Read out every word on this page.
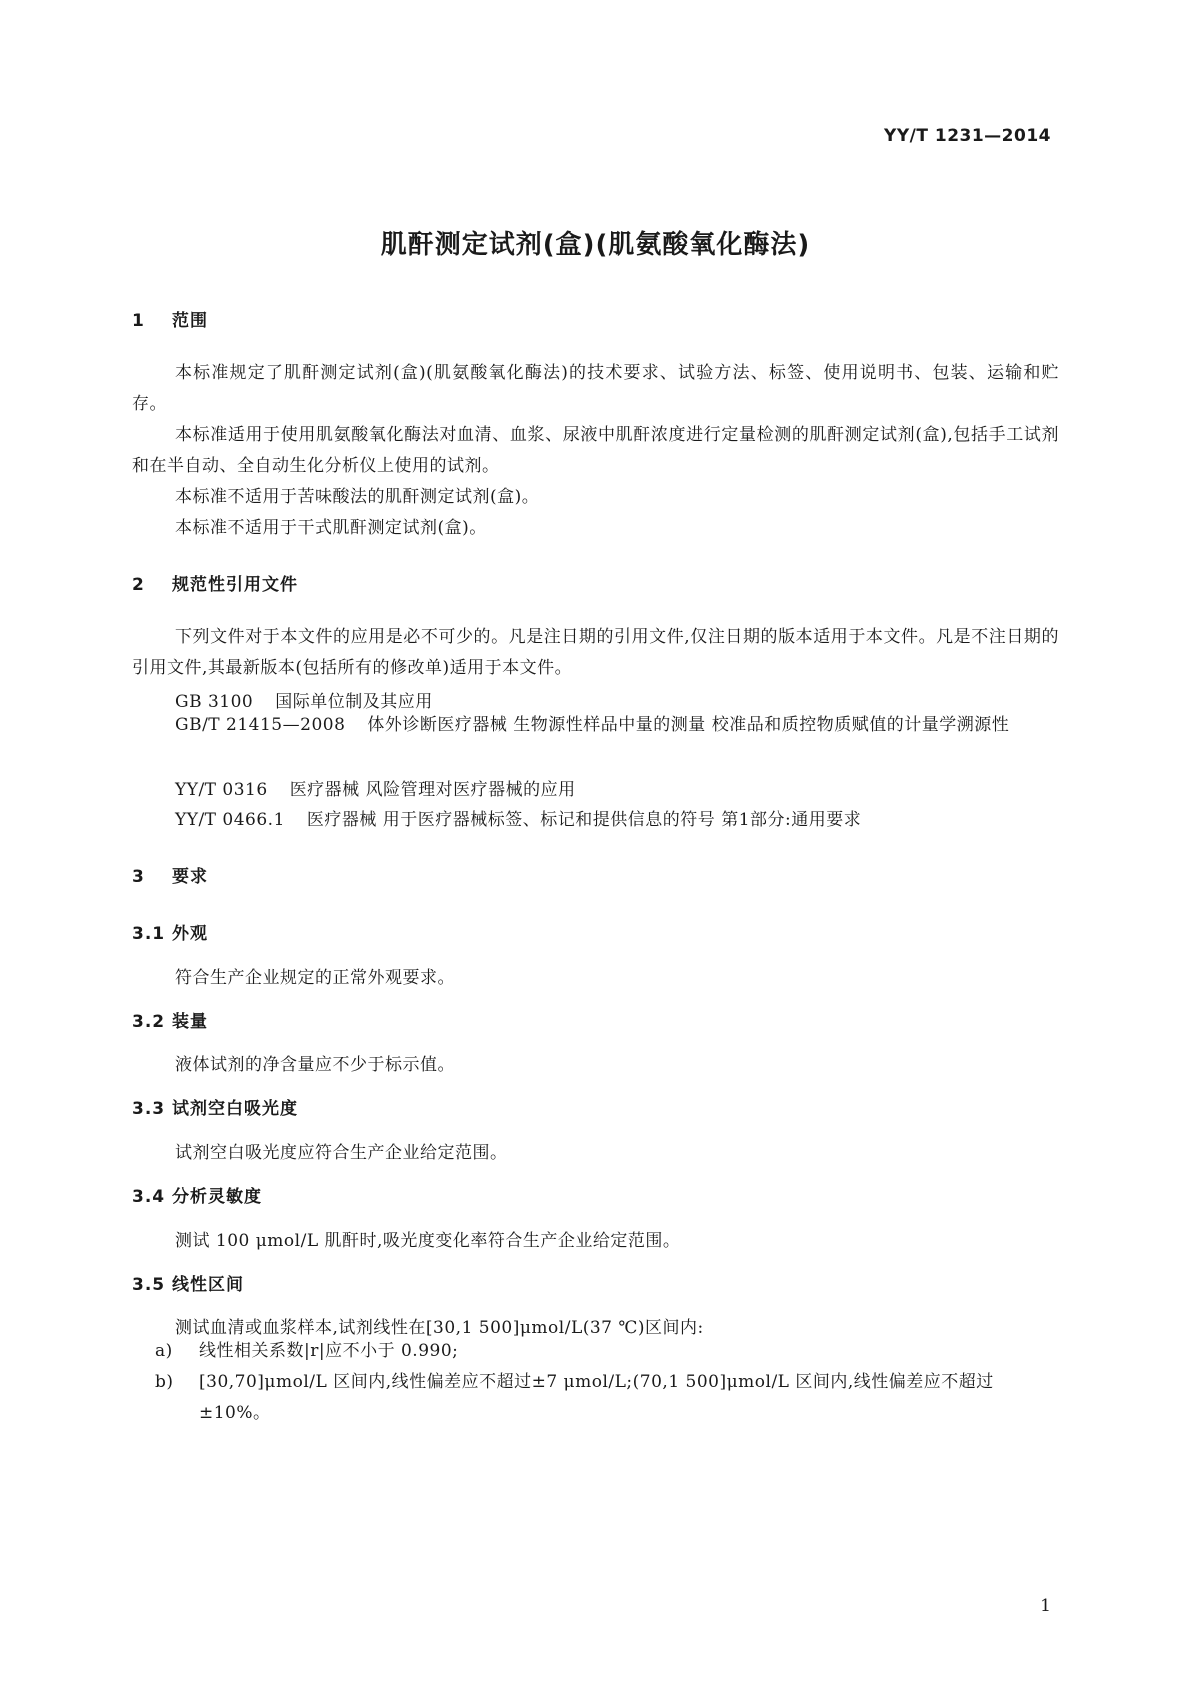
YY/T 1231—2014
肌酐测定试剂(盒)(肌氨酸氧化酶法)
1 范围
本标准规定了肌酐测定试剂(盒)(肌氨酸氧化酶法)的技术要求、试验方法、标签、使用说明书、包装、运输和贮存。
本标准适用于使用肌氨酸氧化酶法对血清、血浆、尿液中肌酐浓度进行定量检测的肌酐测定试剂(盒),包括手工试剂和在半自动、全自动生化分析仪上使用的试剂。
本标准不适用于苦味酸法的肌酐测定试剂(盒)。
本标准不适用于干式肌酐测定试剂(盒)。
2 规范性引用文件
下列文件对于本文件的应用是必不可少的。凡是注日期的引用文件,仅注日期的版本适用于本文件。凡是不注日期的引用文件,其最新版本(包括所有的修改单)适用于本文件。
GB 3100 国际单位制及其应用
GB/T 21415—2008 体外诊断医疗器械 生物源性样品中量的测量 校准品和质控物质赋值的计量学溯源性
YY/T 0316 医疗器械 风险管理对医疗器械的应用
YY/T 0466.1 医疗器械 用于医疗器械标签、标记和提供信息的符号 第1部分:通用要求
3 要求
3.1 外观
符合生产企业规定的正常外观要求。
3.2 装量
液体试剂的净含量应不少于标示值。
3.3 试剂空白吸光度
试剂空白吸光度应符合生产企业给定范围。
3.4 分析灵敏度
测试 100 μmol/L 肌酐时,吸光度变化率符合生产企业给定范围。
3.5 线性区间
测试血清或血浆样本,试剂线性在[30,1 500]μmol/L(37 ℃)区间内:
a)	线性相关系数|r|应不小于 0.990;
b)	[30,70]μmol/L 区间内,线性偏差应不超过±7 μmol/L;(70,1 500]μmol/L 区间内,线性偏差应不超过±10%。
1
